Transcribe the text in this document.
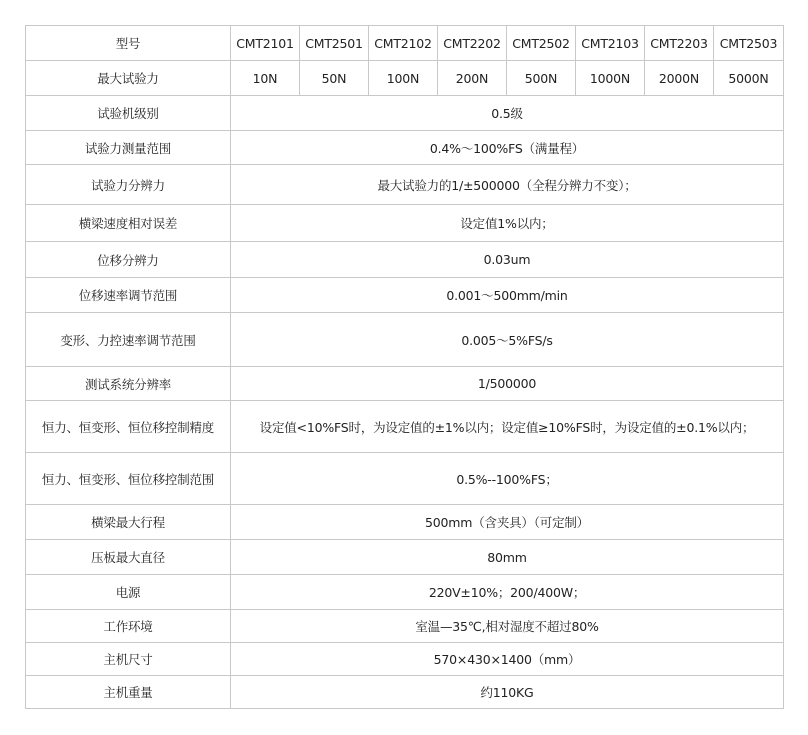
型号	CMT2101	CMT2501	CMT2102	CMT2202	CMT2502	CMT2103	CMT2203	CMT2503
最大试验力	10N	50N	100N	200N	500N	1000N	2000N	5000N
试验机级别	0.5级							
试验力测量范围	0.4%～100%FS（满量程）							
试验力分辨力	最大试验力的1/±500000（全程分辨力不变）；							
横梁速度相对误差	设定值1%以内；							
位移分辨力	0.03um							
位移速率调节范围	0.001～500mm/min							
变形、力控速率调节范围	0.005～5%FS/s							
测试系统分辨率	1/500000							
恒力、恒变形、恒位移控制精度	设定值<10%FS时，为设定值的±1%以内；设定值≥10%FS时，为设定值的±0.1%以内；							
恒力、恒变形、恒位移控制范围	0.5%--100%FS；							
横梁最大行程	500mm（含夹具）（可定制）							
压板最大直径	80mm							
电源	220V±10%；200/400W；							
工作环境	室温—35℃,相对湿度不超过80%							
主机尺寸	570×430×1400（mm）							
主机重量	约110KG							
